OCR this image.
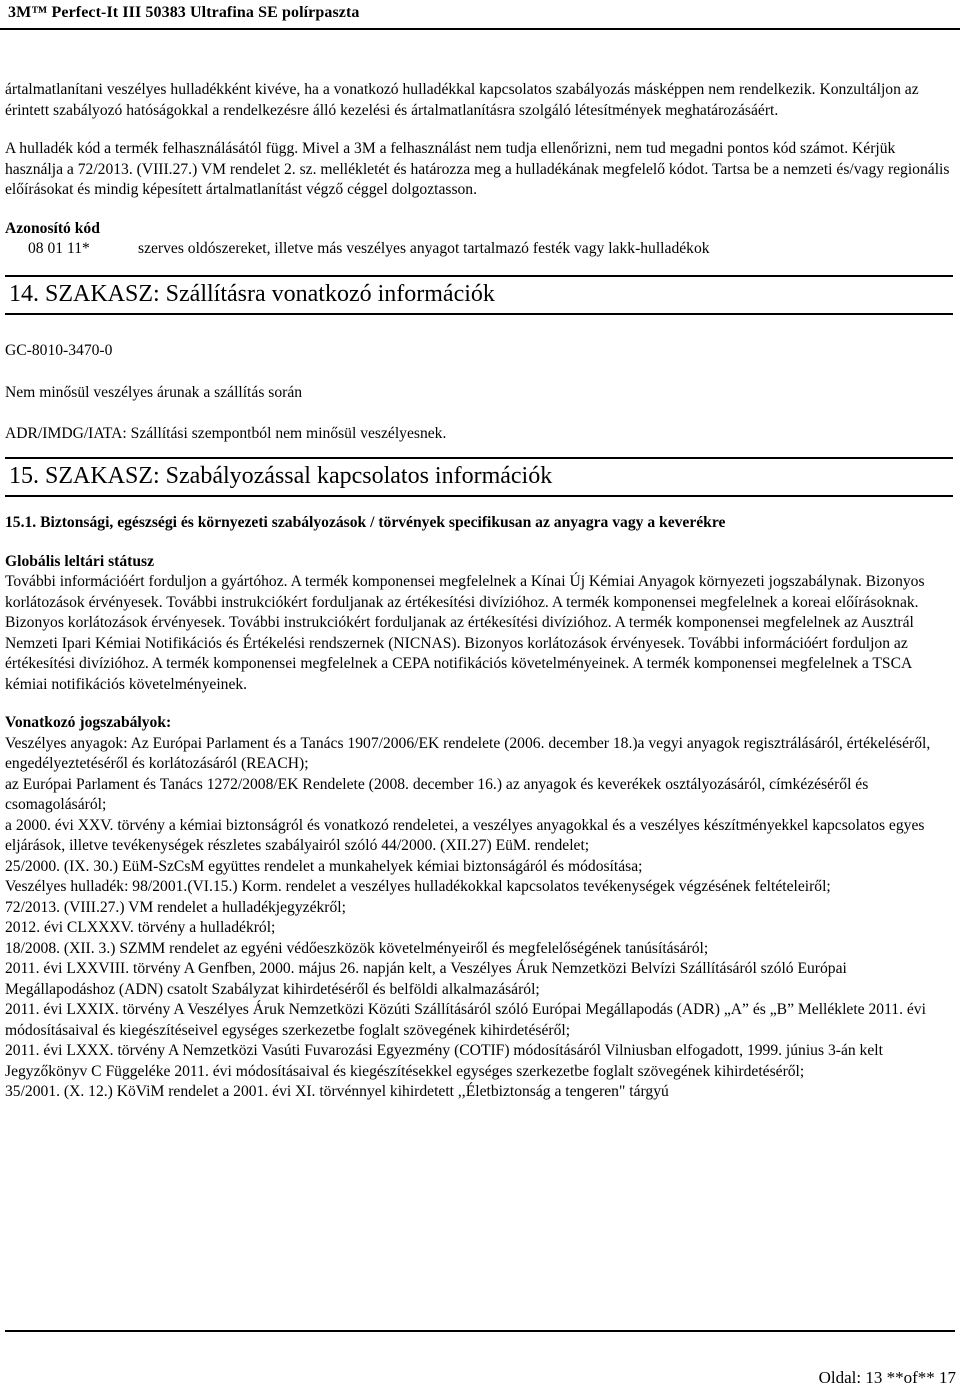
3M™ Perfect-It III 50383 Ultrafina SE polírpaszta

ártalmatlanítani veszélyes hulladékként kivéve, ha a vonatkozó hulladékkal kapcsolatos szabályozás másképpen nem rendelkezik. Konzultáljon az érintett szabályozó hatóságokkal a rendelkezésre álló kezelési és ártalmatlanításra szolgáló létesítmények meghatározásáért.

A hulladék kód a termék felhasználásától függ. Mivel a 3M a felhasználást nem tudja ellenőrizni, nem tud megadni pontos kód számot. Kérjük használja a 72/2013. (VIII.27.) VM rendelet 2. sz. mellékletét és határozza meg a hulladékának megfelelő kódot. Tartsa be a nemzeti és/vagy regionális előírásokat és mindig képesített ártalmatlanítást végző céggel dolgoztasson.

Azonosító kód

08 01 11*	szerves oldószereket, illetve más veszélyes anyagot tartalmazó festék vagy lakk-hulladékok
14. SZAKASZ: Szállításra vonatkozó információk

GC-8010-3470-0

Nem minősül veszélyes árunak a szállítás során

ADR/IMDG/IATA: Szállítási szempontból nem minősül veszélyesnek.

15. SZAKASZ: Szabályozással kapcsolatos információk

15.1. Biztonsági, egészségi és környezeti szabályozások / törvények specifikusan az anyagra vagy a keverékre

Globális leltári státusz

További információért forduljon a gyártóhoz. A termék komponensei megfelelnek a Kínai Új Kémiai Anyagok környezeti jogszabálynak. Bizonyos korlátozások érvényesek. További instrukciókért forduljanak az értékesítési divízióhoz. A termék komponensei megfelelnek a koreai előírásoknak. Bizonyos korlátozások érvényesek. További instrukciókért forduljanak az értékesítési divízióhoz. A termék komponensei megfelelnek az Ausztrál Nemzeti Ipari Kémiai Notifikációs és Értékelési rendszernek (NICNAS). Bizonyos korlátozások érvényesek. További információért forduljon az értékesítési divízióhoz. A termék komponensei megfelelnek a CEPA notifikációs követelményeinek. A termék komponensei megfelelnek a TSCA kémiai notifikációs követelményeinek.

Vonatkozó jogszabályok:

Veszélyes anyagok: Az Európai Parlament és a Tanács 1907/2006/EK rendelete (2006. december 18.)a vegyi anyagok regisztrálásáról, értékeléséről, engedélyeztetéséről és korlátozásáról (REACH);

az Európai Parlament és Tanács 1272/2008/EK Rendelete (2008. december 16.) az anyagok és keverékek osztályozásáról, címkézéséről és csomagolásáról;

a 2000. évi XXV. törvény a kémiai biztonságról és vonatkozó rendeletei, a veszélyes anyagokkal és a veszélyes készítményekkel kapcsolatos egyes eljárások, illetve tevékenységek részletes szabályairól szóló 44/2000. (XII.27) EüM. rendelet;

25/2000. (IX. 30.) EüM-SzCsM együttes rendelet a munkahelyek kémiai biztonságáról és módosítása;

Veszélyes hulladék: 98/2001.(VI.15.) Korm. rendelet a veszélyes hulladékokkal kapcsolatos tevékenységek végzésének feltételeiről;

72/2013. (VIII.27.) VM rendelet a hulladékjegyzékről;

2012. évi CLXXXV. törvény a hulladékról;

18/2008. (XII. 3.) SZMM rendelet az egyéni védőeszközök követelményeiről és megfelelőségének tanúsításáról;

2011. évi LXXVIII. törvény A Genfben, 2000. május 26. napján kelt, a Veszélyes Áruk Nemzetközi Belvízi Szállításáról szóló Európai Megállapodáshoz (ADN) csatolt Szabályzat kihirdetéséről és belföldi alkalmazásáról;

2011. évi LXXIX. törvény A Veszélyes Áruk Nemzetközi Közúti Szállításáról szóló Európai Megállapodás (ADR) „A” és „B” Melléklete 2011. évi módosításaival és kiegészítéseivel egységes szerkezetbe foglalt szövegének kihirdetéséről;

2011. évi LXXX. törvény A Nemzetközi Vasúti Fuvarozási Egyezmény (COTIF) módosításáról Vilniusban elfogadott, 1999. június 3-án kelt Jegyzőkönyv C Függeléke 2011. évi módosításaival és kiegészítésekkel egységes szerkezetbe foglalt szövegének kihirdetéséről;

35/2001. (X. 12.) KöViM rendelet a 2001. évi XI. törvénnyel kihirdetett ,,Életbiztonság a tengeren" tárgyú

Oldal: 13 **of** 17
